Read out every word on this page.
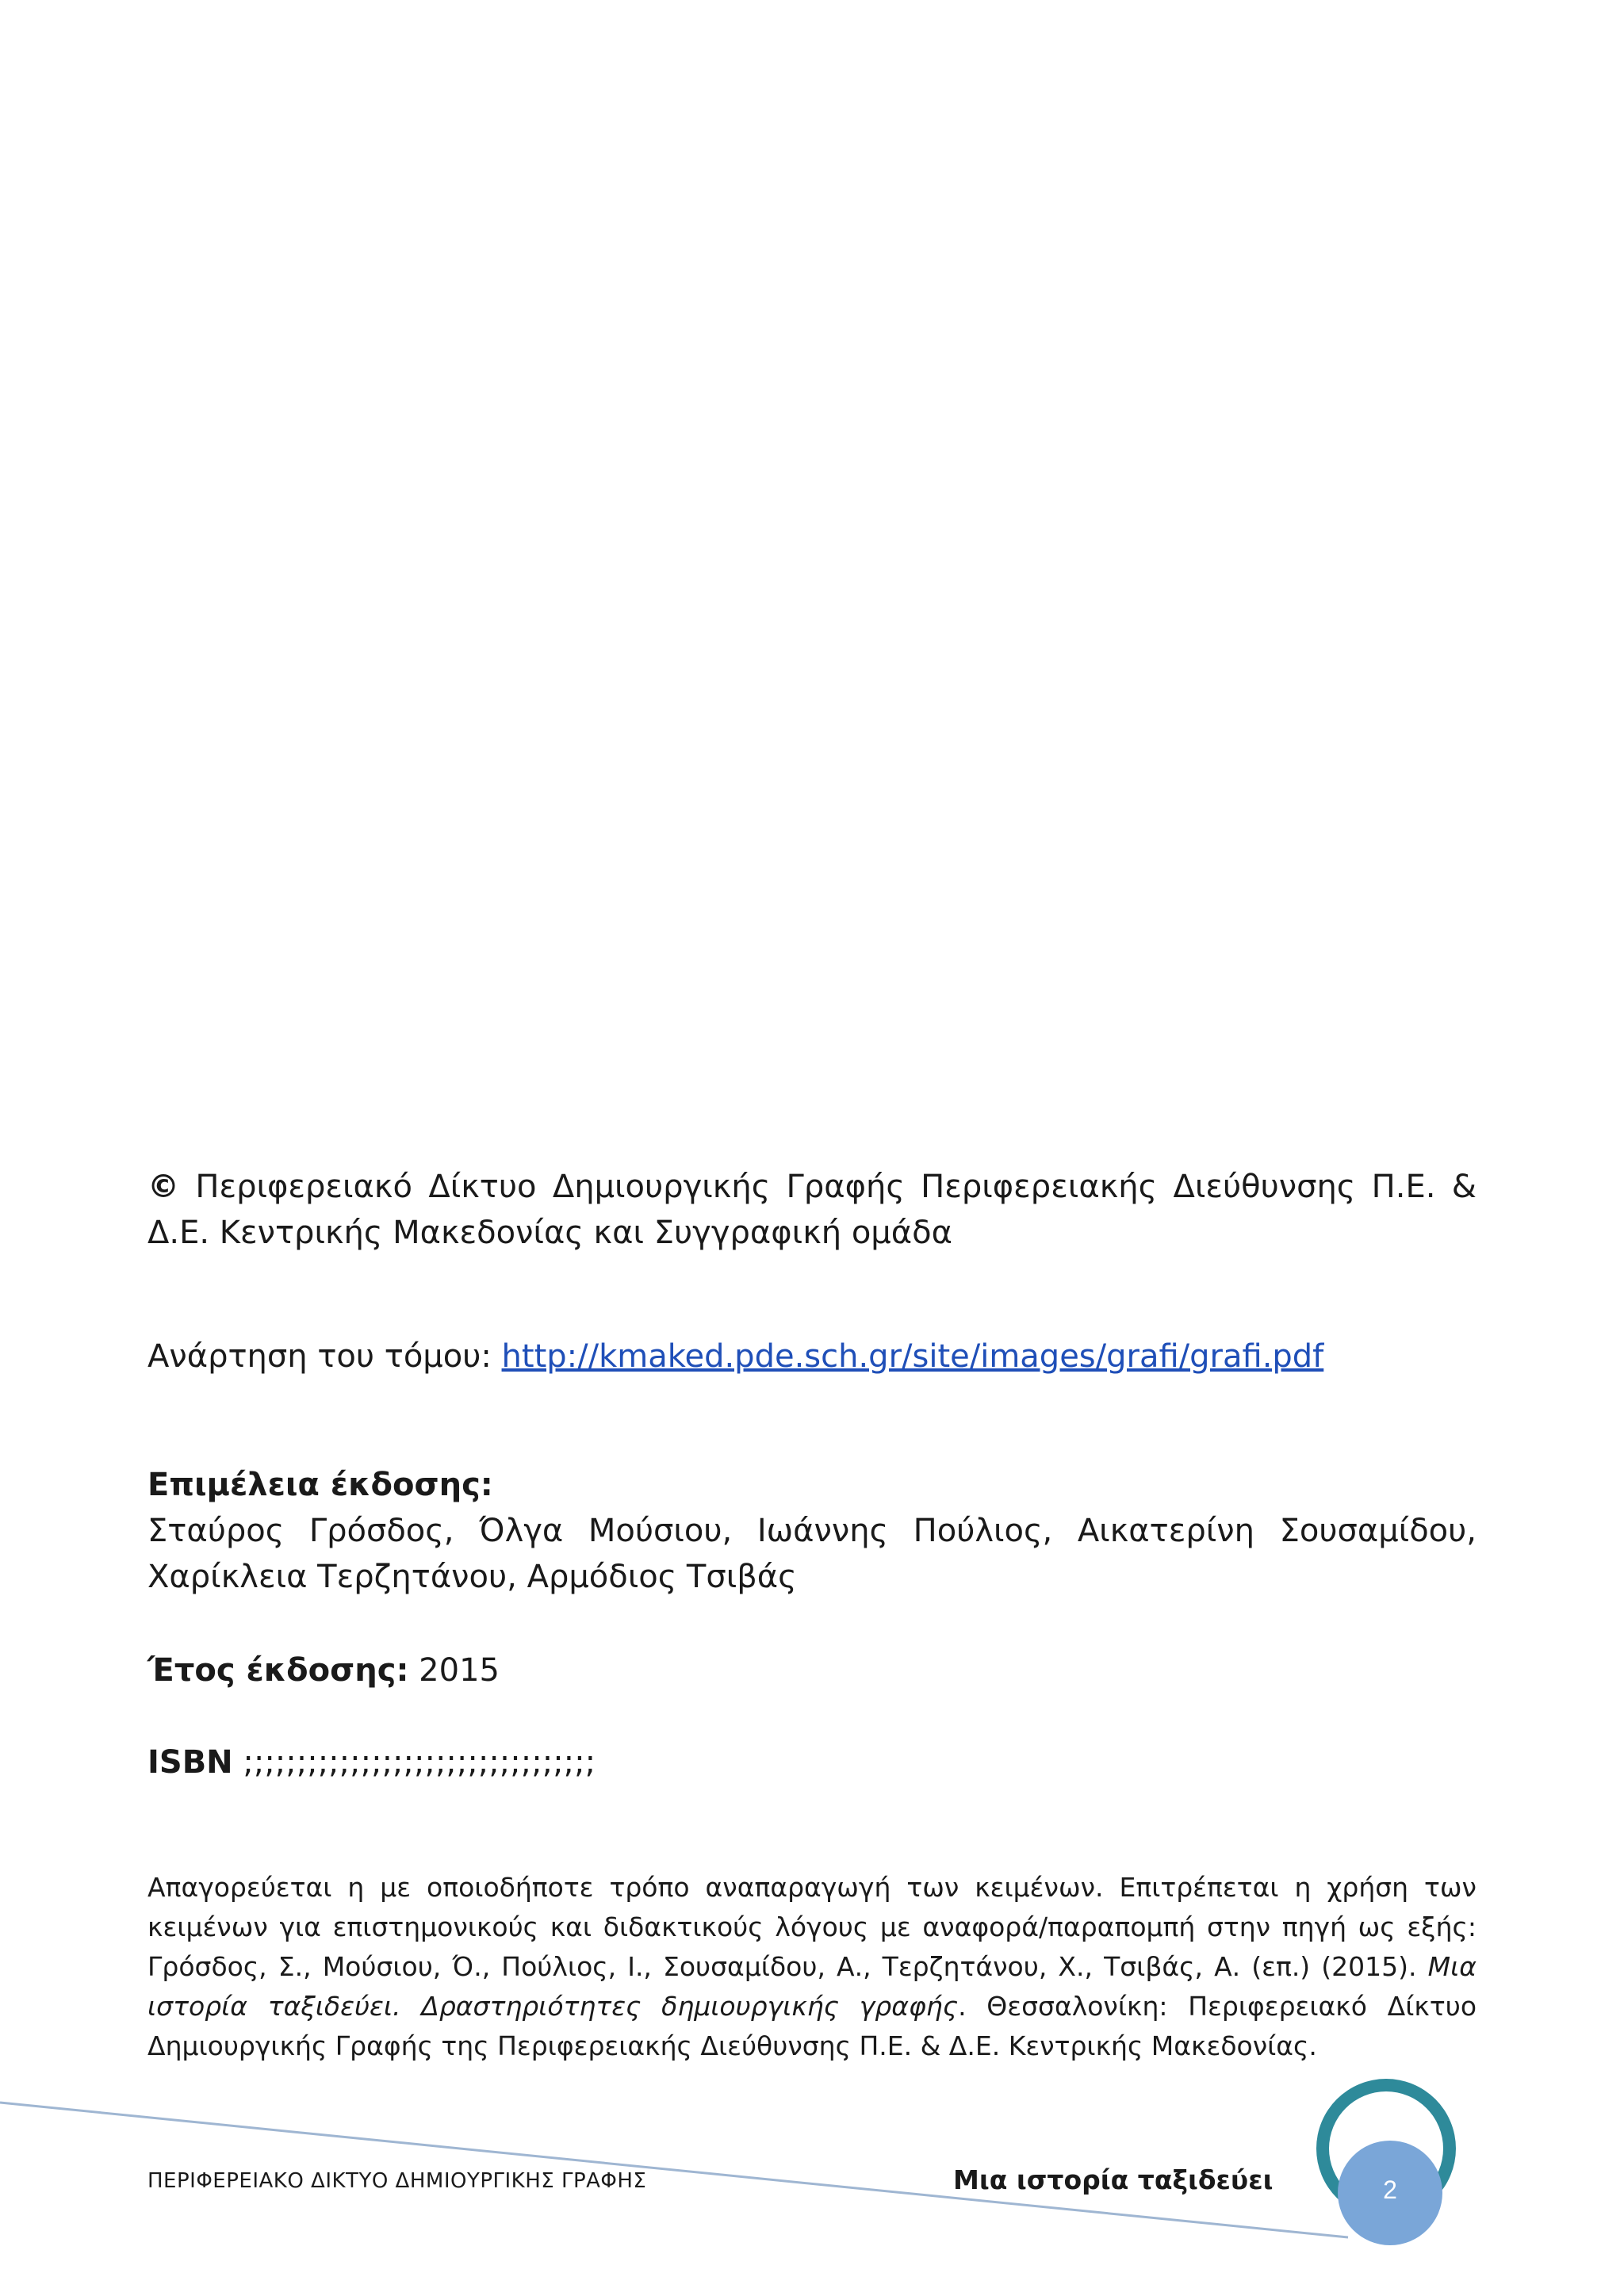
© Περιφερειακό Δίκτυο Δημιουργικής Γραφής Περιφερειακής Διεύθυνσης Π.Ε. &
Δ.Ε. Κεντρικής Μακεδονίας και Συγγραφική ομάδα

Ανάρτηση του τόμου: http://kmaked.pde.sch.gr/site/images/grafi/grafi.pdf

Επιμέλεια έκδοσης:

Σταύρος Γρόσδος, Όλγα Μούσιου, Ιωάννης Πούλιος, Αικατερίνη Σουσαμίδου,
Χαρίκλεια Τερζητάνου, Αρμόδιος Τσιβάς

Έτος έκδοσης: 2015

ISBN ;;;;;;;;;;;;;;;;;;;;;;;;;;;;;;;;;

Απαγορεύεται η με οποιοδήποτε τρόπο αναπαραγωγή των κειμένων. Επιτρέπεται η χρήση των
κειμένων για επιστημονικούς και διδακτικούς λόγους με αναφορά/παραπομπή στην πηγή ως εξής:
Γρόσδος, Σ., Μούσιου, Ό., Πούλιος, Ι., Σουσαμίδου, Α., Τερζητάνου, Χ., Τσιβάς, Α. (επ.) (2015). Μια
ιστορία ταξιδεύει. Δραστηριότητες δημιουργικής γραφής. Θεσσαλονίκη: Περιφερειακό Δίκτυο
Δημιουργικής Γραφής της Περιφερειακής Διεύθυνσης Π.Ε. & Δ.Ε. Κεντρικής Μακεδονίας.

ΠΕΡΙΦΕΡΕΙΑΚΟ ΔΙΚΤΥΟ ΔΗΜΙΟΥΡΓΙΚΗΣ ΓΡΑΦΗΣ	Μια ιστορία ταξιδεύει	2
